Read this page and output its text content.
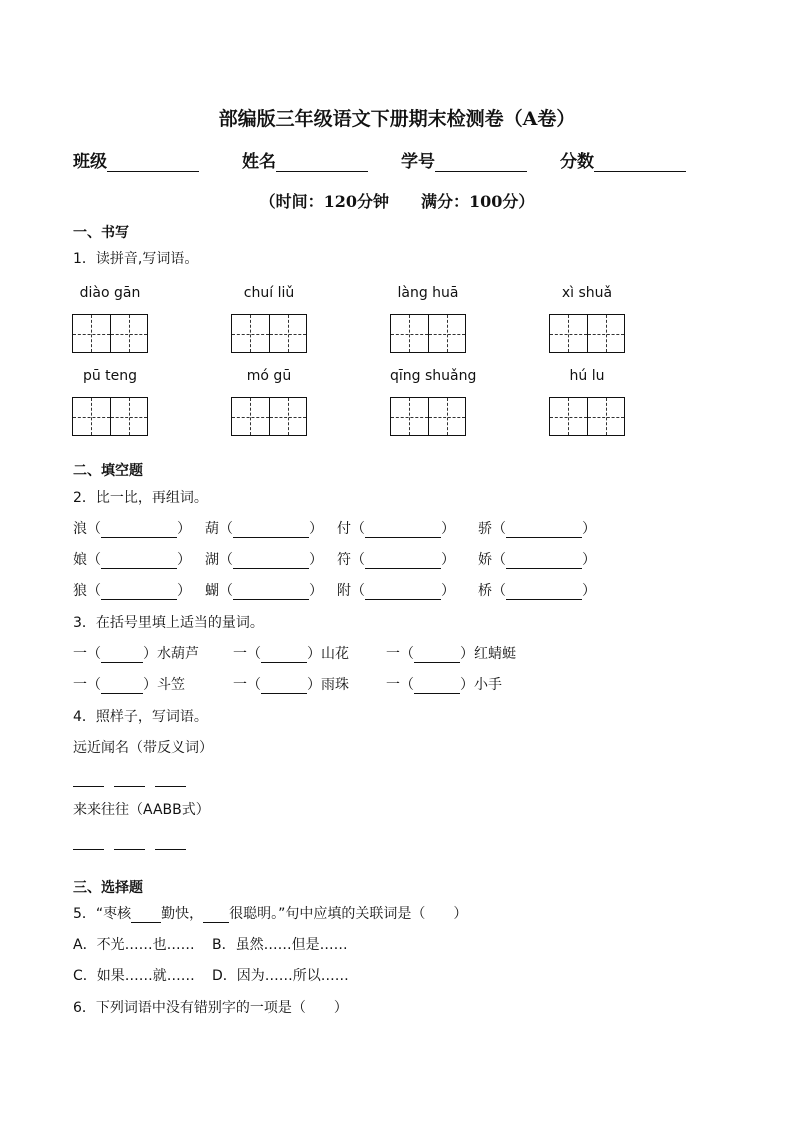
部编版三年级语文下册期末检测卷（A卷）
班级	姓名	学号	分数
（时间：120分钟　　满分：100分）
一、书写
1．读拼音,写词语。
diào gān	chuí liǔ	làng huā	xì shuǎ
pū teng	mó gū	qīng shuǎng	hú lu
二、填空题
2．比一比，再组词。
浪（	） 葫（	） 付（	） 骄（	）
娘（	） 湖（	） 符（	） 娇（	）
狼（	） 蝴（	） 附（	） 桥（	）
3．在括号里填上适当的量词。
一（	）水葫芦 一（	）山花	一（	）红蜻蜓
一（	）斗笠	一（	）雨珠	一（	）小手
4．照样子，写词语。
远近闻名（带反义词）
来来往往（AABB式）
三、选择题
5．“枣核 勤快， 很聪明。”句中应填的关联词是（　　）
A．不光……也…… B．虽然……但是……
C．如果……就…… D．因为……所以……
6．下列词语中没有错别字的一项是（　　）
